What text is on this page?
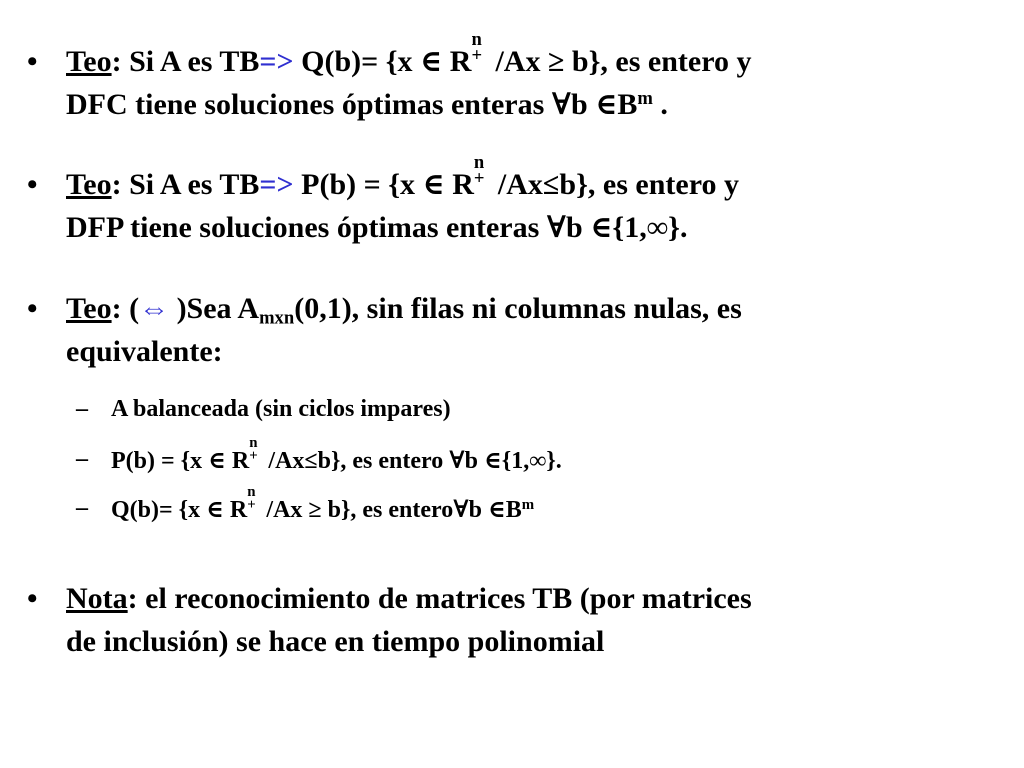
• Teo: Si A es TB=> Q(b)= {x ∈ R
n
+ /Ax ≥ b}, es entero y
DFC tiene soluciones óptimas enteras ∀b $\in B^m$ .
• Teo: Si A es TB=> P(b) = {x ∈ R
n
+ /Ax≤b}, es entero y
DFP tiene soluciones óptimas enteras ∀b ∈{1,∞}.
• Teo: (⇔ )Sea Amxn(0,1), sin filas ni columnas nulas, es
equivalente:
– A balanceada (sin ciclos impares)
– P(b) = {x ∈ R
n
+ /Ax≤b}, es entero ∀b ∈{1,∞}.
– Q(b)= {x ∈ R
n
+ /Ax ≥ b}, es entero∀b $\in B^m$
• Nota: el reconocimiento de matrices TB (por matrices
de inclusión) se hace en tiempo polinomial
